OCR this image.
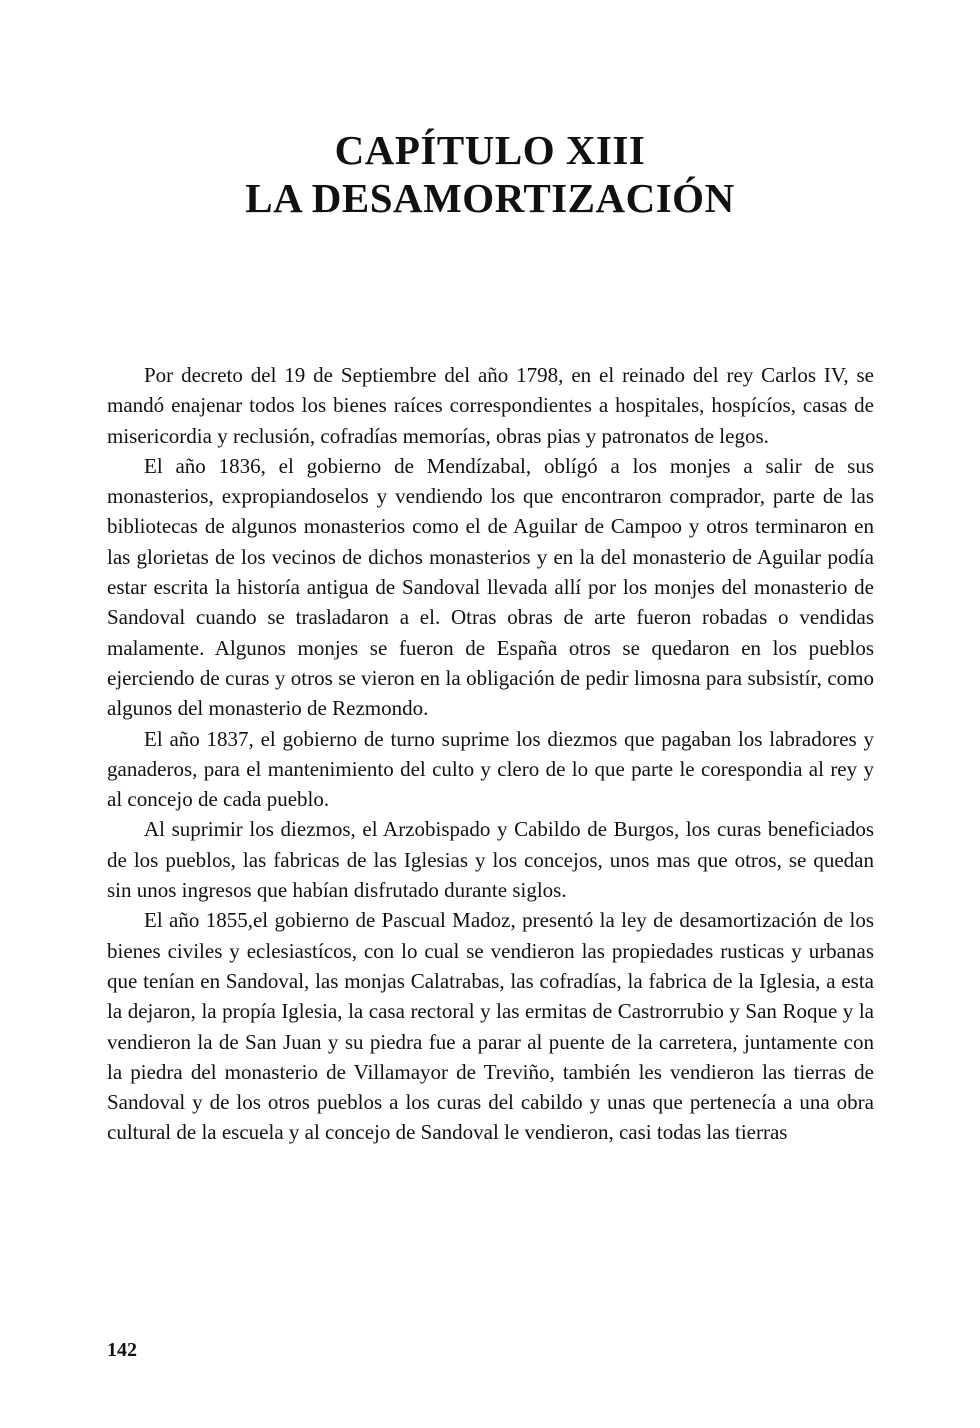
CAPÍTULO XIII
LA DESAMORTIZACIÓN

Por decreto del 19 de Septiembre del año 1798, en el reinado del rey Carlos IV, se mandó enajenar todos los bienes raíces correspondientes a hospitales, hospícíos, casas de misericordia y reclusión, cofradías memorías, obras pias y patronatos de legos.

El año 1836, el gobierno de Mendízabal, oblígó a los monjes a salir de sus monasterios, expropiandoselos y vendiendo los que encontraron comprador, parte de las bibliotecas de algunos monasterios como el de Aguilar de Campoo y otros terminaron en las glorietas de los vecinos de dichos monasterios y en la del monasterio de Aguilar podía estar escrita la historía antigua de Sandoval llevada allí por los monjes del monasterio de Sandoval cuando se trasladaron a el. Otras obras de arte fueron robadas o vendidas malamente. Algunos monjes se fueron de España otros se quedaron en los pueblos ejerciendo de curas y otros se vieron en la obligación de pedir limosna para subsistír, como algunos del monasterio de Rezmondo.

El año 1837, el gobierno de turno suprime los diezmos que pagaban los labradores y ganaderos, para el mantenimiento del culto y clero de lo que parte le corespondia al rey y al concejo de cada pueblo.

Al suprimir los diezmos, el Arzobispado y Cabildo de Burgos, los curas beneficiados de los pueblos, las fabricas de las Iglesias y los concejos, unos mas que otros, se quedan sin unos ingresos que habían disfrutado durante siglos.

El año 1855,el gobierno de Pascual Madoz, presentó la ley de desamortización de los bienes civiles y eclesiastícos, con lo cual se vendieron las propiedades rusticas y urbanas que tenían en Sandoval, las monjas Calatrabas, las cofradías, la fabrica de la Iglesia, a esta la dejaron, la propía Iglesia, la casa rectoral y las ermitas de Castrorrubio y San Roque y la vendieron la de San Juan y su piedra fue a parar al puente de la carretera, juntamente con la piedra del monasterio de Villamayor de Treviño, también les vendieron las tierras de Sandoval y de los otros pueblos a los curas del cabildo y unas que pertenecía a una obra cultural de la escuela y al concejo de Sandoval le vendieron, casi todas las tierras

142
